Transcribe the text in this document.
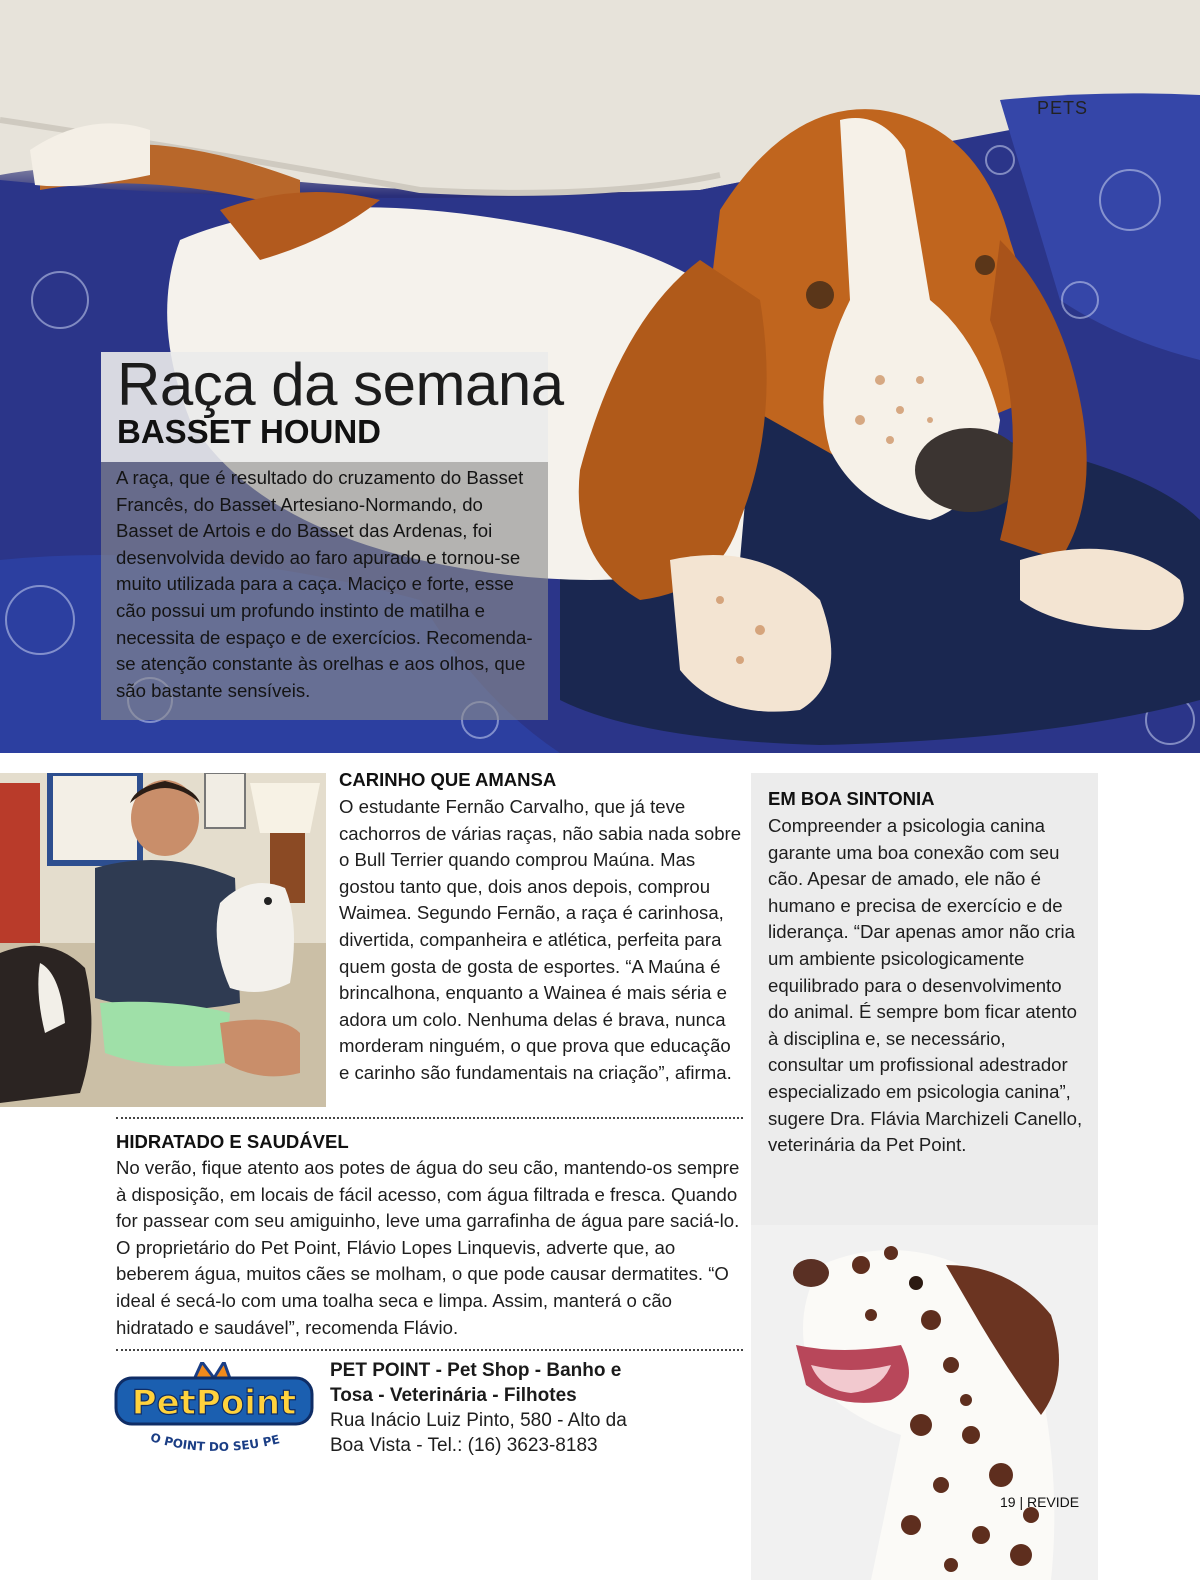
PETS
Raça da semana
BASSET HOUND
A raça, que é resultado do cruzamento do Basset Francês, do Basset Artesiano-Normando, do Basset de Artois e do Basset das Ardenas, foi desenvolvida devido ao faro apurado e tornou-se muito utilizada para a caça. Maciço e forte, esse cão possui um profundo instinto de matilha e necessita de espaço e de exercícios. Recomenda-se atenção constante às orelhas e aos olhos, que são bastante sensíveis.
CARINHO QUE AMANSA
O estudante Fernão Carvalho, que já teve cachorros de várias raças, não sabia nada sobre o Bull Terrier quando comprou Maúna. Mas gostou tanto que, dois anos depois, comprou Waimea. Segundo Fernão, a raça é carinhosa, divertida, companheira e atlética, perfeita para quem gosta de gosta de esportes. “A Maúna é brincalhona, enquanto a Wainea é mais séria e adora um colo. Nenhuma delas é brava, nunca morderam ninguém, o que prova que educação e carinho são fundamentais na criação”, afirma.
HIDRATADO E SAUDÁVEL
No verão, fique atento aos potes de água do seu cão, mantendo-os sempre à disposição, em locais de fácil acesso, com água filtrada e fresca. Quando for passear com seu amiguinho, leve uma garrafinha de água pare saciá-lo. O proprietário do Pet Point, Flávio Lopes Linquevis, adverte que, ao beberem água, muitos cães se molham, o que pode causar dermatites. “O ideal é secá-lo com uma toalha seca e limpa. Assim, manterá o cão hidratado e saudável”, recomenda Flávio.
EM BOA SINTONIA
Compreender a psicologia canina garante uma boa conexão com seu cão. Apesar de amado, ele não é humano e precisa de exercício e de liderança. “Dar apenas amor não cria um ambiente psicologicamente equilibrado para o desenvolvimento do animal. É sempre bom ficar atento à disciplina e, se necessário, consultar um profissional adestrador especializado em psicologia canina”, sugere Dra. Flávia Marchizeli Canello, veterinária da Pet Point.
PetPoint
O POINT DO SEU PE
PET POINT - Pet Shop - Banho e Tosa - Veterinária - Filhotes
Rua Inácio Luiz Pinto, 580 - Alto da Boa Vista - Tel.: (16) 3623-8183
19 | REVIDE
